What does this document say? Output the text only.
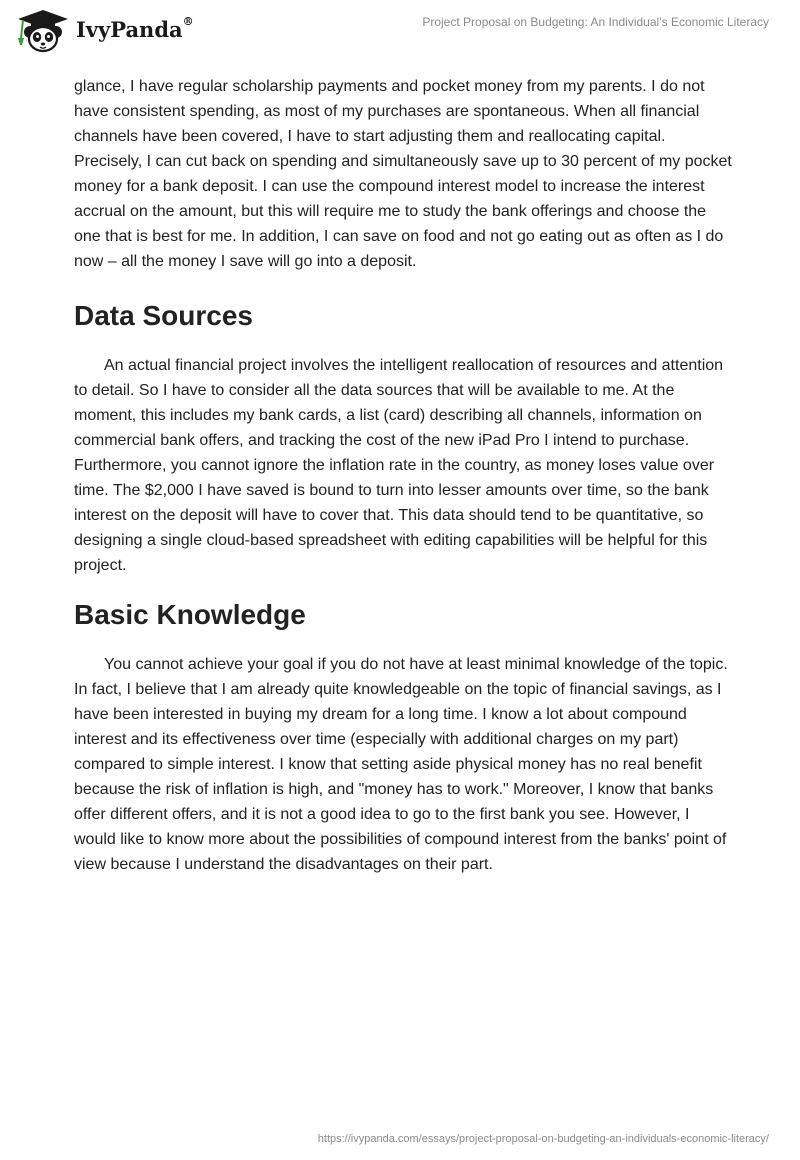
IvyPanda®	Project Proposal on Budgeting: An Individual’s Economic Literacy

glance, I have regular scholarship payments and pocket money from my parents. I do not have consistent spending, as most of my purchases are spontaneous. When all financial channels have been covered, I have to start adjusting them and reallocating capital. Precisely, I can cut back on spending and simultaneously save up to 30 percent of my pocket money for a bank deposit. I can use the compound interest model to increase the interest accrual on the amount, but this will require me to study the bank offerings and choose the one that is best for me. In addition, I can save on food and not go eating out as often as I do now – all the money I save will go into a deposit.

Data Sources

An actual financial project involves the intelligent reallocation of resources and attention to detail. So I have to consider all the data sources that will be available to me. At the moment, this includes my bank cards, a list (card) describing all channels, information on commercial bank offers, and tracking the cost of the new iPad Pro I intend to purchase. Furthermore, you cannot ignore the inflation rate in the country, as money loses value over time. The $2,000 I have saved is bound to turn into lesser amounts over time, so the bank interest on the deposit will have to cover that. This data should tend to be quantitative, so designing a single cloud-based spreadsheet with editing capabilities will be helpful for this project.

Basic Knowledge

You cannot achieve your goal if you do not have at least minimal knowledge of the topic. In fact, I believe that I am already quite knowledgeable on the topic of financial savings, as I have been interested in buying my dream for a long time. I know a lot about compound interest and its effectiveness over time (especially with additional charges on my part) compared to simple interest. I know that setting aside physical money has no real benefit because the risk of inflation is high, and "money has to work." Moreover, I know that banks offer different offers, and it is not a good idea to go to the first bank you see. However, I would like to know more about the possibilities of compound interest from the banks' point of view because I understand the disadvantages on their part.

https://ivypanda.com/essays/project-proposal-on-budgeting-an-individuals-economic-literacy/
